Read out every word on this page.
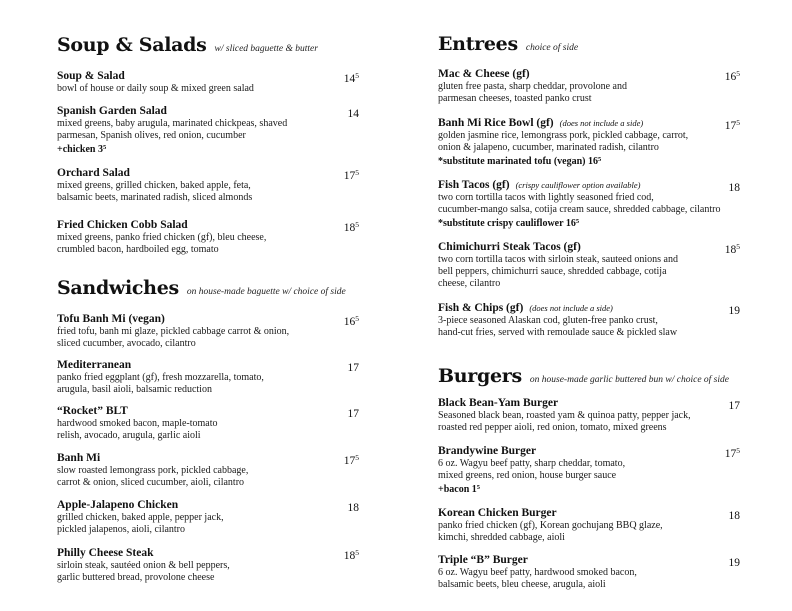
Soup & Salads w/ sliced baguette & butter
Soup & Salad	$14^5$
bowl of house or daily soup & mixed green salad
Spanish Garden Salad	14
mixed greens, baby arugula, marinated chickpeas, shaved
parmesan, Spanish olives, red onion, cucumber
+chicken $3^5$
Orchard Salad	$17^5$
mixed greens, grilled chicken, baked apple, feta,
balsamic beets, marinated radish, sliced almonds
Fried Chicken Cobb Salad	$18^5$
mixed greens, panko fried chicken (gf), bleu cheese,
crumbled bacon, hardboiled egg, tomato
Sandwiches on house-made baguette w/ choice of side
Tofu Banh Mi (vegan)	$16^5$
fried tofu, banh mi glaze, pickled cabbage carrot & onion,
sliced cucumber, avocado, cilantro
Mediterranean	17
panko fried eggplant (gf), fresh mozzarella, tomato,
arugula, basil aioli, balsamic reduction
“Rocket” BLT	17
hardwood smoked bacon, maple-tomato
relish, avocado, arugula, garlic aioli
Banh Mi	$17^5$
slow roasted lemongrass pork, pickled cabbage,
carrot & onion, sliced cucumber, aioli, cilantro
Apple-Jalapeno Chicken	18
grilled chicken, baked apple, pepper jack,
pickled jalapenos, aioli, cilantro
Philly Cheese Steak	$18^5$
sirloin steak, sautéed onion & bell peppers,
garlic buttered bread, provolone cheese
Entrees choice of side
Mac & Cheese (gf)	$16^5$
gluten free pasta, sharp cheddar, provolone and
parmesan cheeses, toasted panko crust
Banh Mi Rice Bowl (gf) (does not include a side)	$17^5$
golden jasmine rice, lemongrass pork, pickled cabbage, carrot,
onion & jalapeno, cucumber, marinated radish, cilantro
*substitute marinated tofu (vegan) $16^5$
Fish Tacos (gf) (crispy cauliflower option available)	18
two corn tortilla tacos with lightly seasoned fried cod,
cucumber-mango salsa, cotija cream sauce, shredded cabbage, cilantro
*substitute crispy cauliflower $16^5$
Chimichurri Steak Tacos (gf)	$18^5$
two corn tortilla tacos with sirloin steak, sauteed onions and
bell peppers, chimichurri sauce, shredded cabbage, cotija
cheese, cilantro
Fish & Chips (gf) (does not include a side)	19
3-piece seasoned Alaskan cod, gluten-free panko crust,
hand-cut fries, served with remoulade sauce & pickled slaw
Burgers on house-made garlic buttered bun w/ choice of side
Black Bean-Yam Burger	17
Seasoned black bean, roasted yam & quinoa patty, pepper jack,
roasted red pepper aioli, red onion, tomato, mixed greens
Brandywine Burger	$17^5$
6 oz. Wagyu beef patty, sharp cheddar, tomato,
mixed greens, red onion, house burger sauce
+bacon $1^5$
Korean Chicken Burger	18
panko fried chicken (gf), Korean gochujang BBQ glaze,
kimchi, shredded cabbage, aioli
Triple “B” Burger	19
6 oz. Wagyu beef patty, hardwood smoked bacon,
balsamic beets, bleu cheese, arugula, aioli
